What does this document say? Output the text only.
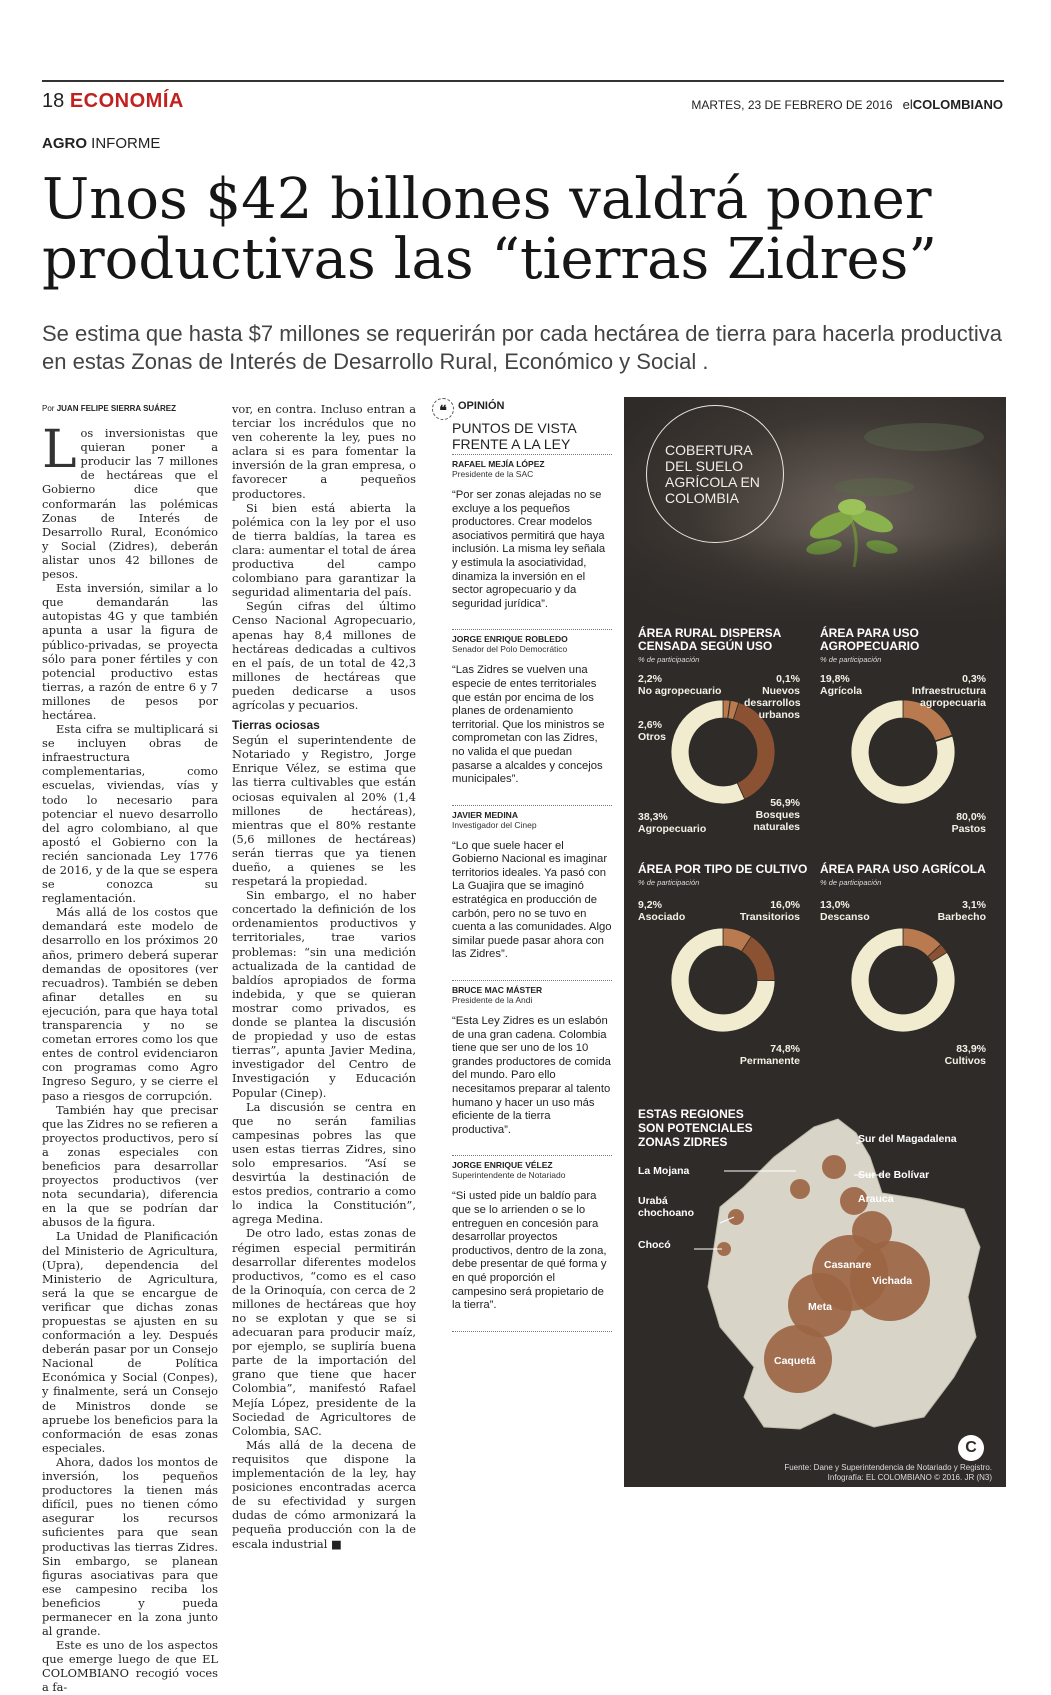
18 ECONOMÍA	MARTES, 23 DE FEBRERO DE 2016 elCOLOMBIANO
AGRO INFORME
Unos $42 billones valdrá poner productivas las “tierras Zidres”

Se estima que hasta $7 millones se requerirán por cada hectárea de tierra para hacerla productiva en estas Zonas de Interés de Desarrollo Rural, Económico y Social .

Por JUAN FELIPE SIERRA SUÁREZ
L os inversionistas que quieran poner a producir las 7 millones de hectáreas que el Gobierno dice que conformarán las polémicas Zonas de Interés de Desarrollo Rural, Económico y Social (Zidres), deberán alistar unos 42 billones de pesos.

Esta inversión, similar a lo que demandarán las autopistas 4G y que también apunta a usar la figura de público-privadas, se proyecta sólo para poner fértiles y con potencial productivo estas tierras, a razón de entre 6 y 7 millones de pesos por hectárea.

Esta cifra se multiplicará si se incluyen obras de infraestructura complementarias, como escuelas, viviendas, vías y todo lo necesario para potenciar el nuevo desarrollo del agro colombiano, al que apostó el Gobierno con la recién sancionada Ley 1776 de 2016, y de la que se espera se conozca su reglamentación.

Más allá de los costos que demandará este modelo de desarrollo en los próximos 20 años, primero deberá superar demandas de opositores (ver recuadros). También se deben afinar detalles en su ejecución, para que haya total transparencia y no se cometan errores como los que entes de control evidenciaron con programas como Agro Ingreso Seguro, y se cierre el paso a riesgos de corrupción.

También hay que precisar que las Zidres no se refieren a proyectos productivos, pero sí a zonas especiales con beneficios para desarrollar proyectos productivos (ver nota secundaria), diferencia en la que se podrían dar abusos de la figura.

La Unidad de Planificación del Ministerio de Agricultura, (Upra), dependencia del Ministerio de Agricultura, será la que se encargue de verificar que dichas zonas propuestas se ajusten en su conformación a ley. Después deberán pasar por un Consejo Nacional de Política Económica y Social (Conpes), y finalmente, será un Consejo de Ministros donde se apruebe los beneficios para la conformación de esas zonas especiales.

Ahora, dados los montos de inversión, los pequeños productores la tienen más difícil, pues no tienen cómo asegurar los recursos suficientes para que sean productivas las tierras Zidres. Sin embargo, se planean figuras asociativas para que ese campesino reciba los beneficios y pueda permanecer en la zona junto al grande.

Este es uno de los aspectos que emerge luego de que EL COLOMBIANO recogió voces a fa-

vor, en contra. Incluso entran a terciar los incrédulos que no ven coherente la ley, pues no aclara si es para fomentar la inversión de la gran empresa, o favorecer a pequeños productores.

Si bien está abierta la polémica con la ley por el uso de tierra baldías, la tarea es clara: aumentar el total de área productiva del campo colombiano para garantizar la seguridad alimentaria del país.

Según cifras del último Censo Nacional Agropecuario, apenas hay 8,4 millones de hectáreas dedicadas a cultivos en el país, de un total de 42,3 millones de hectáreas que pueden dedicarse a usos agrícolas y pecuarios.

Tierras ociosas

Según el superintendente de Notariado y Registro, Jorge Enrique Vélez, se estima que las tierra cultivables que están ociosas equivalen al 20% (1,4 millones de hectáreas), mientras que el 80% restante (5,6 millones de hectáreas) serán tierras que ya tienen dueño, a quienes se les respetará la propiedad.

Sin embargo, el no haber concertado la definición de los ordenamientos productivos y territoriales, trae varios problemas: “sin una medición actualizada de la cantidad de baldíos apropiados de forma indebida, y que se quieran mostrar como privados, es donde se plantea la discusión de propiedad y uso de estas tierras”, apunta Javier Medina, investigador del Centro de Investigación y Educación Popular (Cinep).

La discusión se centra en que no serán familias campesinas pobres las que usen estas tierras Zidres, sino solo empresarios. “Así se desvirtúa la destinación de estos predios, contrario a como lo indica la Constitución”, agrega Medina.

De otro lado, estas zonas de régimen especial permitirán desarrollar diferentes modelos productivos, “como es el caso de la Orinoquía, con cerca de 2 millones de hectáreas que hoy no se explotan y que se si adecuaran para producir maíz, por ejemplo, se supliría buena parte de la importación del grano que tiene que hacer Colombia”, manifestó Rafael Mejía López, presidente de la Sociedad de Agricultores de Colombia, SAC.

Más allá de la decena de requisitos que dispone la implementación de la ley, hay posiciones encontradas acerca de su efectividad y surgen dudas de cómo armonizará la pequeña producción con la de escala industrial ■

❝	OPINIÓN
PUNTOS DE VISTA FRENTE A LA LEY
RAFAEL MEJÍA LÓPEZ
Presidente de la SAC
“Por ser zonas alejadas no se excluye a los pequeños productores. Crear modelos asociativos permitirá que haya inclusión. La misma ley señala y estimula la asociatividad, dinamiza la inversión en el sector agropecuario y da seguridad jurídica”.
JORGE ENRIQUE ROBLEDO
Senador del Polo Democrático
“Las Zidres se vuelven una especie de entes territoriales que están por encima de los planes de ordenamiento territorial. Que los ministros se comprometan con las Zidres, no valida el que puedan pasarse a alcaldes y concejos municipales”.
JAVIER MEDINA
Investigador del Cinep
“Lo que suele hacer el Gobierno Nacional es imaginar territorios ideales. Ya pasó con La Guajira que se imaginó estratégica en producción de carbón, pero no se tuvo en cuenta a las comunidades. Algo similar puede pasar ahora con las Zidres”.
BRUCE MAC MÁSTER
Presidente de la Andi
“Esta Ley Zidres es un eslabón de una gran cadena. Colombia tiene que ser uno de los 10 grandes productores de comida del mundo. Paro ello necesitamos preparar al talento humano y hacer un uso más eficiente de la tierra productiva”.
JORGE ENRIQUE VÉLEZ
Superintendente de Notariado
“Si usted pide un baldío para que se lo arrienden o se lo entreguen en concesión para desarrollar proyectos productivos, dentro de la zona, debe presentar de qué forma y en qué proporción el campesino será propietario de la tierra”.
COBERTURA DEL SUELO AGRÍCOLA EN COLOMBIA
ÁREA RURAL DISPERSA CENSADA SEGÚN USO
% de participación
ÁREA PARA USO AGROPECUARIO
% de participación
2,2%
No agropecuario
0,1%
Nuevos desarrollos urbanos
2,6%
Otros
38,3%
Agropecuario
56,9%
Bosques naturales
19,8%
Agrícola
0,3%
Infraestructura agropecuaria
80,0%
Pastos
ÁREA POR TIPO DE CULTIVO
% de participación
ÁREA PARA USO AGRÍCOLA
% de participación
9,2%
Asociado
16,0%
Transitorios
74,8%
Permanente
13,0%
Descanso
3,1%
Barbecho
83,9%
Cultivos
ESTAS REGIONES SON POTENCIALES ZONAS ZIDRES	Sur del Magadalena
Sur de Bolívar
La Mojana
Arauca
Urabá chochoano
Chocó
Casanare
Vichada
Meta
Caquetá
C
Fuente: Dane y Superintendencia de Notariado y Registro.
Infografía: EL COLOMBIANO © 2016. JR (N3)
